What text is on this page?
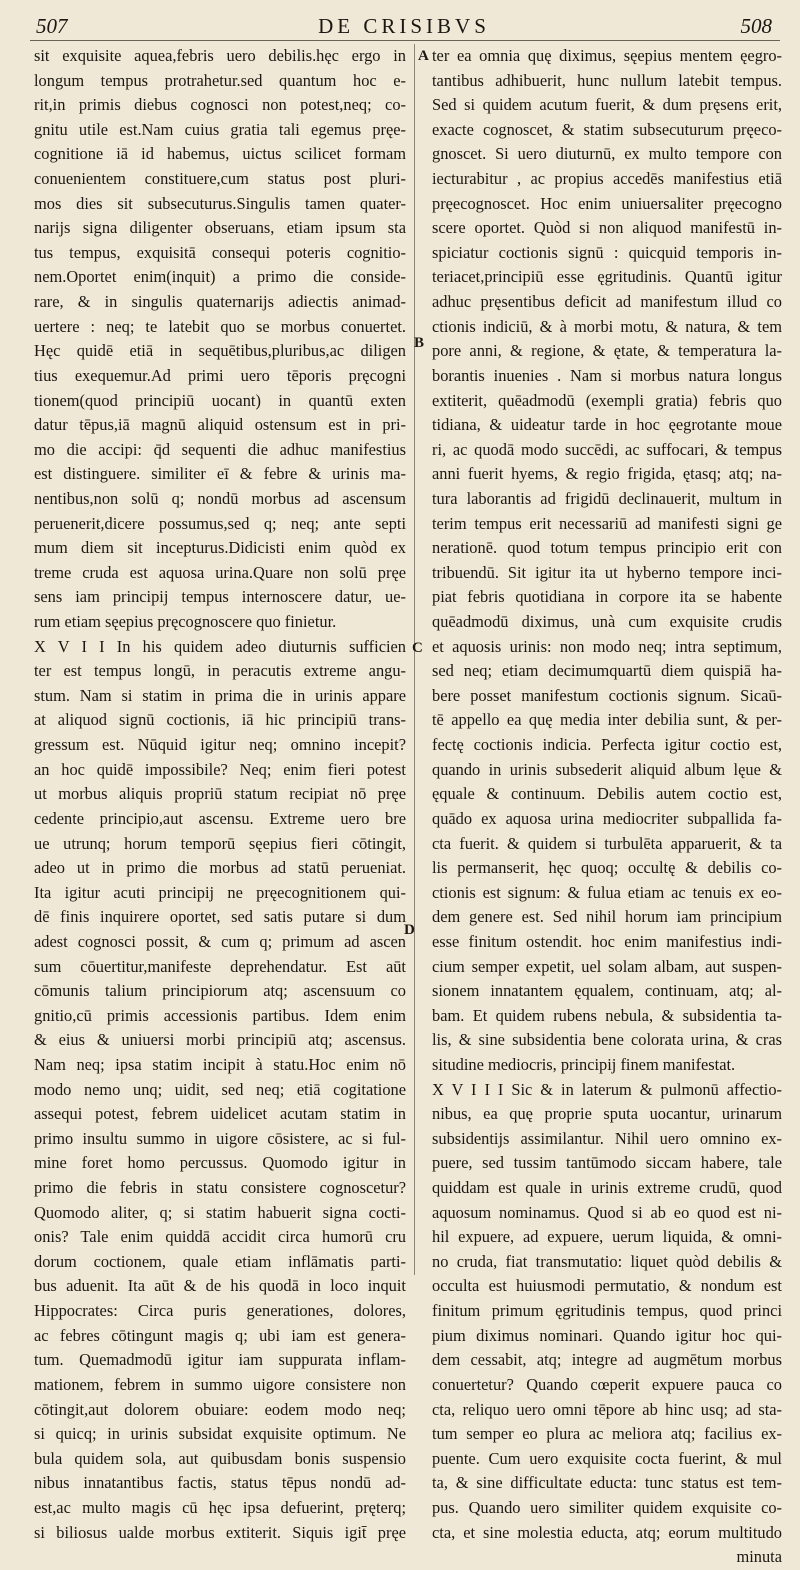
507	DE CRISIBVS	508
A
B
C
D
sit exquisite aquea,febris uero debilis.hęc ergo in
longum tempus protrahetur.sed quantum hoc e-
rit,in primis diebus cognosci non potest,neq; co-
gnitu utile est.Nam cuius gratia tali egemus pręe-
cognitione iā id habemus, uictus scilicet formam
conuenientem constituere,cum status post pluri-
mos dies sit subsecuturus.Singulis tamen quater-
narijs signa diligenter obseruans, etiam ipsum sta
tus tempus, exquisitā consequi poteris cognitio-
nem.Oportet enim(inquit) a primo die conside-
rare, & in singulis quaternarijs adiectis animad-
uertere : neq; te latebit quo se morbus conuertet.
Hęc quidē etiā in sequētibus,pluribus,ac diligen
tius exequemur.Ad primi uero tēporis pręcogni
tionem(quod principiū uocant) in quantū exten
datur tēpus,iā magnū aliquid ostensum est in pri-
mo die accipi: q̄d sequenti die adhuc manifestius
est distinguere. similiter eī & febre & urinis ma-
nentibus,non solū q; nondū morbus ad ascensum
peruenerit,dicere possumus,sed q; neq; ante septi
mum diem sit incepturus.Didicisti enim quòd ex
treme cruda est aquosa urina.Quare non solū pręe
sens iam principij tempus internoscere datur, ue-
rum etiam sęepius pręcognoscere quo finietur.
X V I I In his quidem adeo diuturnis sufficien
ter est tempus longū, in peracutis extreme angu-
stum. Nam si statim in prima die in urinis appare
at aliquod signū coctionis, iā hic principiū trans-
gressum est. Nūquid igitur neq; omnino incepit?
an hoc quidē impossibile? Neq; enim fieri potest
ut morbus aliquis propriū statum recipiat nō pręe
cedente principio,aut ascensu. Extreme uero bre
ue utrunq; horum temporū sęepius fieri cōtingit,
adeo ut in primo die morbus ad statū perueniat.
Ita igitur acuti principij ne pręecognitionem qui-
dē finis inquirere oportet, sed satis putare si dum
adest cognosci possit, & cum q; primum ad ascen
sum cōuertitur,manifeste deprehendatur. Est aūt
cōmunis talium principiorum atq; ascensuum co
gnitio,cū primis accessionis partibus. Idem enim
& eius & uniuersi morbi principiū atq; ascensus.
Nam neq; ipsa statim incipit à statu.Hoc enim nō
modo nemo unq; uidit, sed neq; etiā cogitatione
assequi potest, febrem uidelicet acutam statim in
primo insultu summo in uigore cōsistere, ac si ful-
mine foret homo percussus. Quomodo igitur in
primo die febris in statu consistere cognoscetur?
Quomodo aliter, q; si statim habuerit signa cocti-
onis? Tale enim quiddā accidit circa humorū cru
dorum coctionem, quale etiam inflāmatis parti-
bus aduenit. Ita aūt & de his quodā in loco inquit
Hippocrates: Circa puris generationes, dolores,
ac febres cōtingunt magis q; ubi iam est genera-
tum. Quemadmodū igitur iam suppurata inflam-
mationem, febrem in summo uigore consistere non
cōtingit,aut dolorem obuiare: eodem modo neq;
si quicq; in urinis subsidat exquisite optimum. Ne
bula quidem sola, aut quibusdam bonis suspensio
nibus innatantibus factis, status tēpus nondū ad-
est,ac multo magis cū hęc ipsa defuerint, pręterq;
si biliosus ualde morbus extiterit. Siquis igit̄ pręe
ter ea omnia quę diximus, sęepius mentem ęegro-
tantibus adhibuerit, hunc nullum latebit tempus.
Sed si quidem acutum fuerit, & dum pręsens erit,
exacte cognoscet, & statim subsecuturum pręeco-
gnoscet. Si uero diuturnū, ex multo tempore con
iecturabitur , ac propius accedēs manifestius etiā
pręecognoscet. Hoc enim uniuersaliter pręecogno
scere oportet. Quòd si non aliquod manifestū in-
spiciatur coctionis signū : quicquid temporis in-
teriacet,principiū esse ęgritudinis. Quantū igitur
adhuc pręsentibus deficit ad manifestum illud co
ctionis indiciū, & à morbi motu, & natura, & tem
pore anni, & regione, & ętate, & temperatura la-
borantis inuenies . Nam si morbus natura longus
extiterit, quēadmodū (exempli gratia) febris quo
tidiana, & uideatur tarde in hoc ęegrotante moue
ri, ac quodā modo succēdi, ac suffocari, & tempus
anni fuerit hyems, & regio frigida, ętasq; atq; na-
tura laborantis ad frigidū declinauerit, multum in
terim tempus erit necessariū ad manifesti signi ge
nerationē. quod totum tempus principio erit con
tribuendū. Sit igitur ita ut hyberno tempore inci-
piat febris quotidiana in corpore ita se habente
quēadmodū diximus, unà cum exquisite crudis
et aquosis urinis: non modo neq; intra septimum,
sed neq; etiam decimumquartū diem quispiā ha-
bere posset manifestum coctionis signum. Sicaū-
tē appello ea quę media inter debilia sunt, & per-
fectę coctionis indicia. Perfecta igitur coctio est,
quando in urinis subsederit aliquid album lęue &
ęquale & continuum. Debilis autem coctio est,
quādo ex aquosa urina mediocriter subpallida fa-
cta fuerit. & quidem si turbulēta apparuerit, & ta
lis permanserit, hęc quoq; occultę & debilis co-
ctionis est signum: & fulua etiam ac tenuis ex eo-
dem genere est. Sed nihil horum iam principium
esse finitum ostendit. hoc enim manifestius indi-
cium semper expetit, uel solam albam, aut suspen-
sionem innatantem ęqualem, continuam, atq; al-
bam. Et quidem rubens nebula, & subsidentia ta-
lis, & sine subsidentia bene colorata urina, & cras
situdine mediocris, principij finem manifestat.
X V I I I Sic & in laterum & pulmonū affectio-
nibus, ea quę proprie sputa uocantur, urinarum
subsidentijs assimilantur. Nihil uero omnino ex-
puere, sed tussim tantūmodo siccam habere, tale
quiddam est quale in urinis extreme crudū, quod
aquosum nominamus. Quod si ab eo quod est ni-
hil expuere, ad expuere, uerum liquida, & omni-
no cruda, fiat transmutatio: liquet quòd debilis &
occulta est huiusmodi permutatio, & nondum est
finitum primum ęgritudinis tempus, quod princi
pium diximus nominari. Quando igitur hoc qui-
dem cessabit, atq; integre ad augmētum morbus
conuertetur? Quando cœperit expuere pauca co
cta, reliquo uero omni tēpore ab hinc usq; ad sta-
tum semper eo plura ac meliora atq; facilius ex-
puente. Cum uero exquisite cocta fuerint, & mul
ta, & sine difficultate educta: tunc status est tem-
pus. Quando uero similiter quidem exquisite co-
cta, et sine molestia educta, atq; eorum multitudo
minuta
